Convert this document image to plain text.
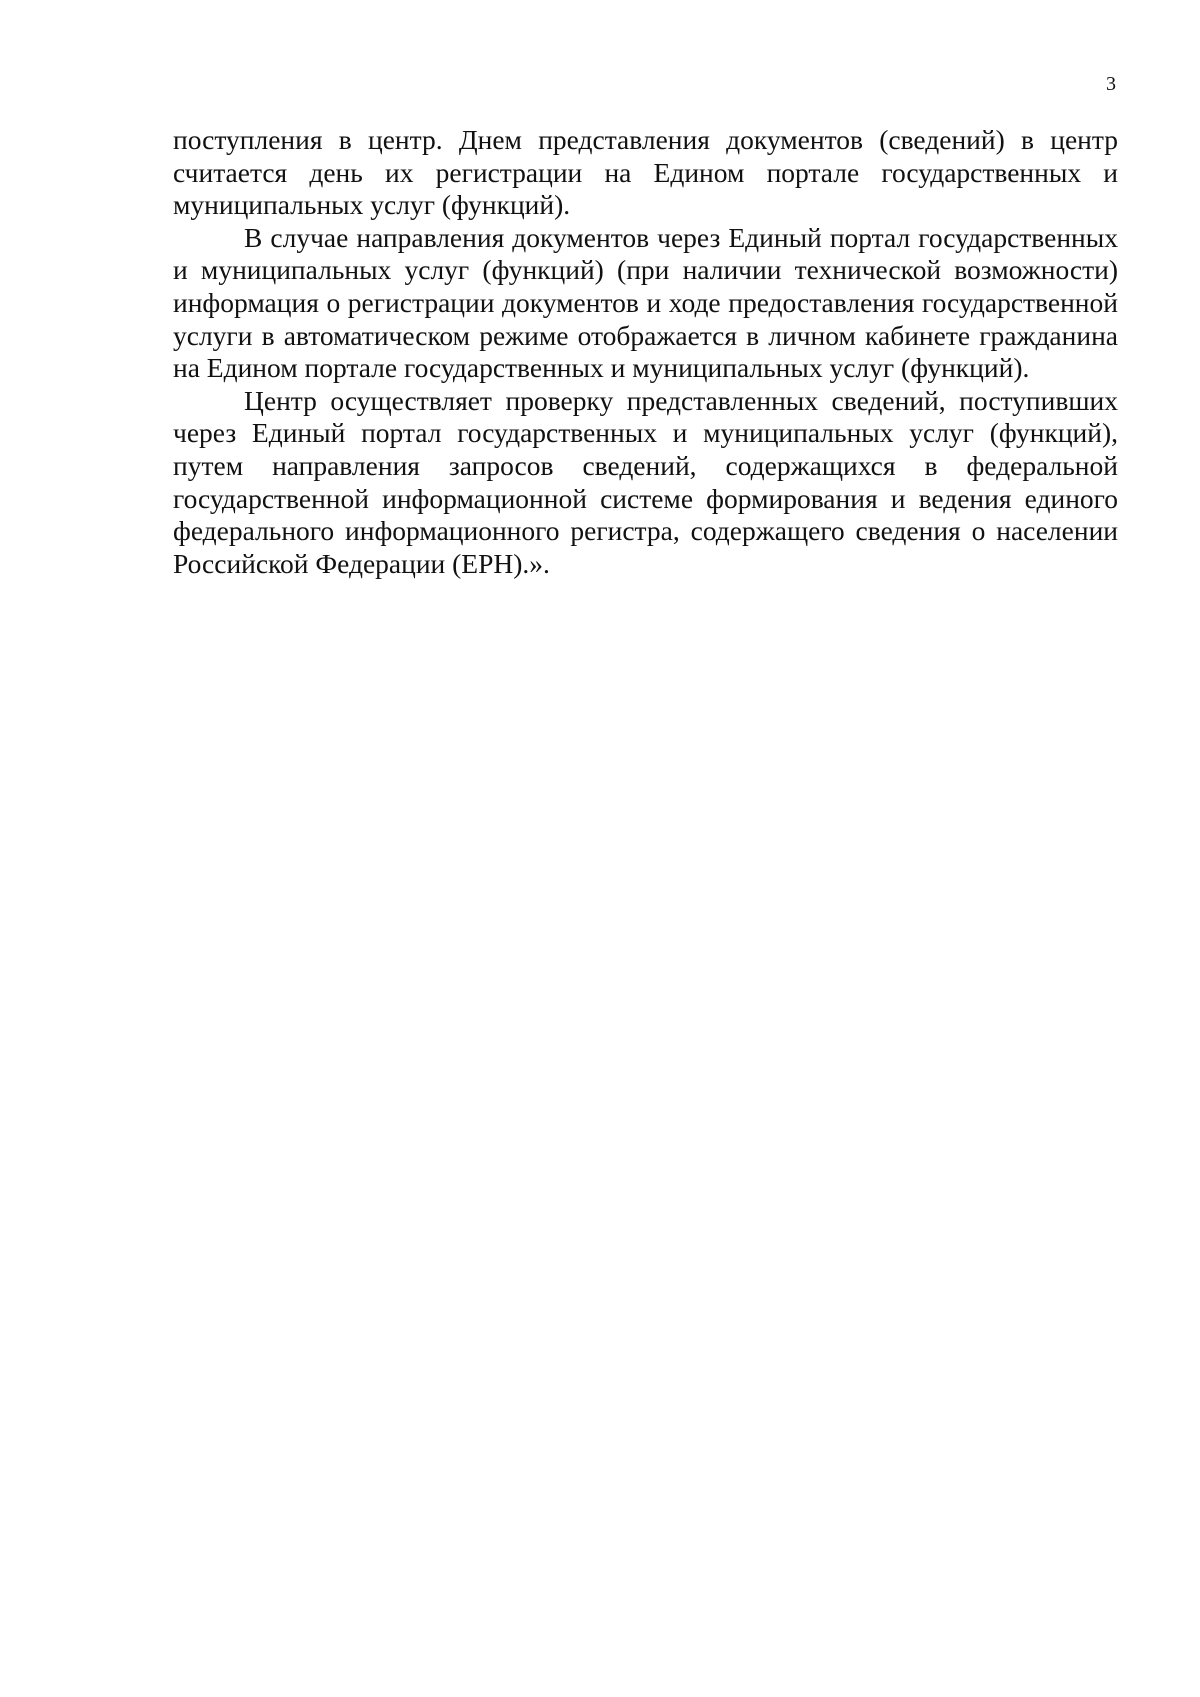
3

поступления в центр. Днем представления документов (сведений) в центр считается день их регистрации на Едином портале государственных и муниципальных услуг (функций).

В случае направления документов через Единый портал государственных и муниципальных услуг (функций) (при наличии технической возможности) информация о регистрации документов и ходе предоставления государственной услуги в автоматическом режиме отображается в личном кабинете гражданина на Едином портале государственных и муниципальных услуг (функций).

Центр осуществляет проверку представленных сведений, поступивших через Единый портал государственных и муниципальных услуг (функций), путем направления запросов сведений, содержащихся в федеральной государственной информационной системе формирования и ведения единого федерального информационного регистра, содержащего сведения о населении Российской Федерации (ЕРН).».
